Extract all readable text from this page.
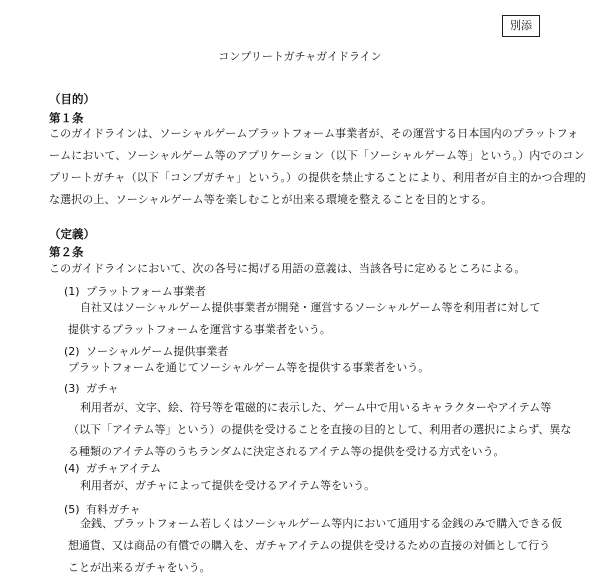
別添
コンプリートガチャガイドライン
（目的）
第１条

このガイドラインは、ソーシャルゲームプラットフォーム事業者が、その運営する日本国内のプラットフォ
ームにおいて、ソーシャルゲーム等のアプリケーション（以下「ソーシャルゲーム等」という。）内でのコン
プリートガチャ（以下「コンプガチャ」という。）の提供を禁止することにより、利用者が自主的かつ合理的
な選択の上、ソーシャルゲーム等を楽しむことが出来る環境を整えることを目的とする。

（定義）
第２条

このガイドラインにおいて、次の各号に掲げる用語の意義は、当該各号に定めるところによる。

(1) プラットフォーム事業者

自社又はソーシャルゲーム提供事業者が開発・運営するソーシャルゲーム等を利用者に対して
提供するプラットフォームを運営する事業者をいう。

(2) ソーシャルゲーム提供事業者

プラットフォームを通じてソーシャルゲーム等を提供する事業者をいう。

(3) ガチャ

利用者が、文字、絵、符号等を電磁的に表示した、ゲーム中で用いるキャラクターやアイテム等
（以下「アイテム等」という）の提供を受けることを直接の目的として、利用者の選択によらず、異な
る種類のアイテム等のうちランダムに決定されるアイテム等の提供を受ける方式をいう。

(4) ガチャアイテム

利用者が、ガチャによって提供を受けるアイテム等をいう。

(5) 有料ガチャ

金銭、プラットフォーム若しくはソーシャルゲーム等内において通用する金銭のみで購入できる仮
想通貨、又は商品の有償での購入を、ガチャアイテムの提供を受けるための直接の対価として行う
ことが出来るガチャをいう。
